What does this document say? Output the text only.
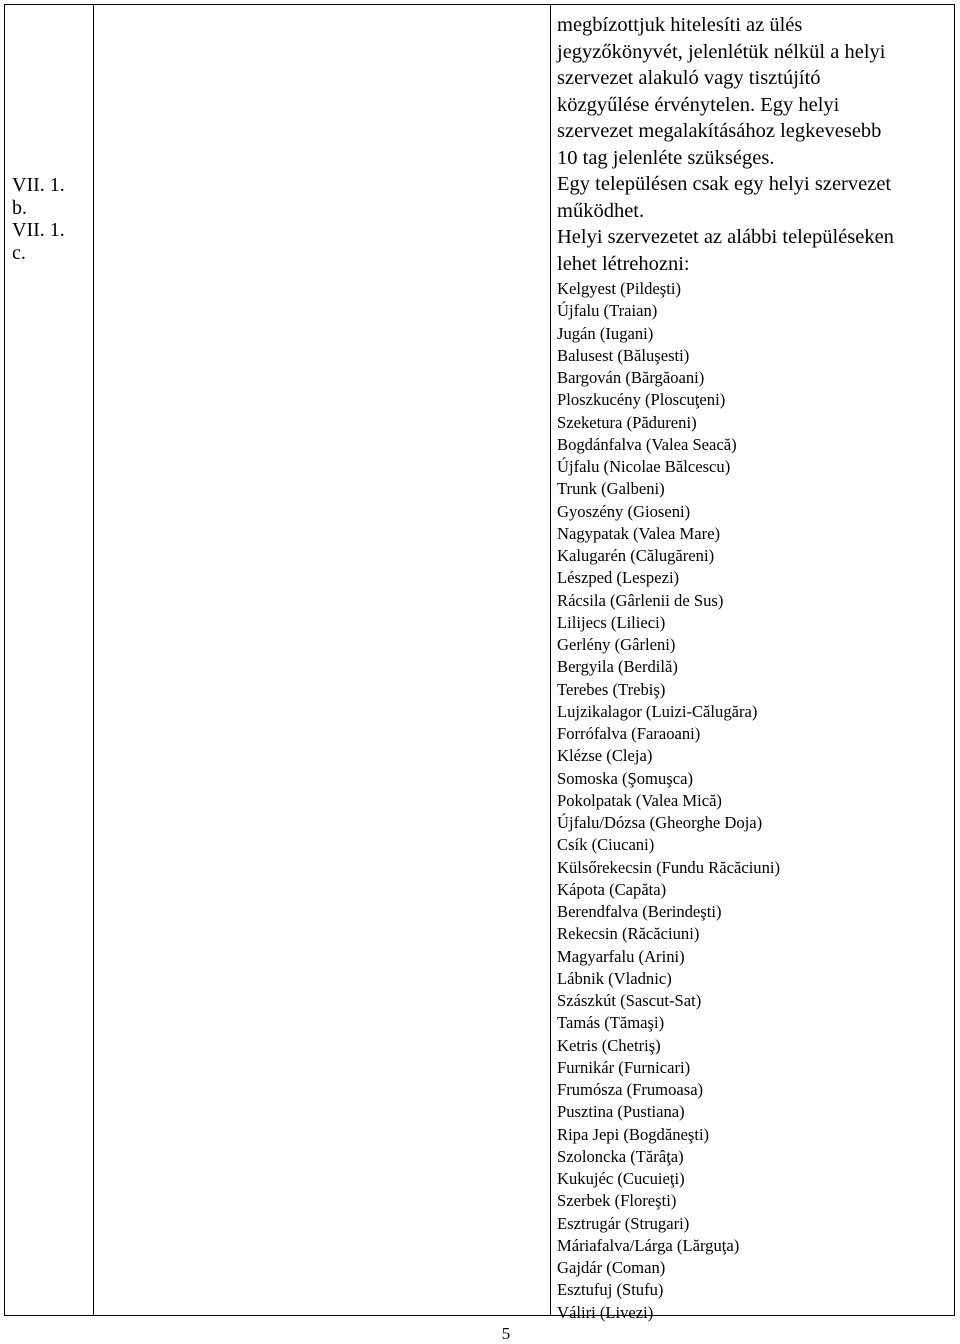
VII. 1.
b.
VII. 1.
c.

megbízottjuk hitelesíti az ülés
jegyzőkönyvét, jelenlétük nélkül a helyi
szervezet alakuló vagy tisztújító
közgyűlése érvénytelen. Egy helyi
szervezet megalakításához legkevesebb
10 tag jelenléte szükséges.

Egy településen csak egy helyi szervezet
működhet.

Helyi szervezetet az alábbi településeken
lehet létrehozni:

Kelgyest (Pildeşti)
Újfalu (Traian)
Jugán (Iugani)
Balusest (Băluşesti)
Bargován (Bărgăoani)
Ploszkucény (Ploscuţeni)
Szeketura (Pădureni)
Bogdánfalva (Valea Seacă)
Újfalu (Nicolae Bălcescu)
Trunk (Galbeni)
Gyoszény (Gioseni)
Nagypatak (Valea Mare)
Kalugarén (Călugăreni)
Lészped (Lespezi)
Rácsila (Gârlenii de Sus)
Lilijecs (Lilieci)
Gerlény (Gârleni)
Bergyila (Berdilă)
Terebes (Trebiş)
Lujzikalagor (Luizi-Călugăra)
Forrófalva (Faraoani)
Klézse (Cleja)
Somoska (Şomuşca)
Pokolpatak (Valea Mică)
Újfalu/Dózsa (Gheorghe Doja)
Csík (Ciucani)
Külsőrekecsin (Fundu Răcăciuni)
Kápota (Capăta)
Berendfalva (Berindeşti)
Rekecsin (Răcăciuni)
Magyarfalu (Arini)
Lábnik (Vladnic)
Szászkút (Sascut-Sat)
Tamás (Tămaşi)
Ketris (Chetriş)
Furnikár (Furnicari)
Frumósza (Frumoasa)
Pusztina (Pustiana)
Ripa Jepi (Bogdăneşti)
Szoloncka (Tărâţa)
Kukujéc (Cucuieţi)
Szerbek (Floreşti)
Esztrugár (Strugari)
Máriafalva/Lárga (Lărguţa)
Gajdár (Coman)
Esztufuj (Stufu)
Váliri (Livezi)
5
